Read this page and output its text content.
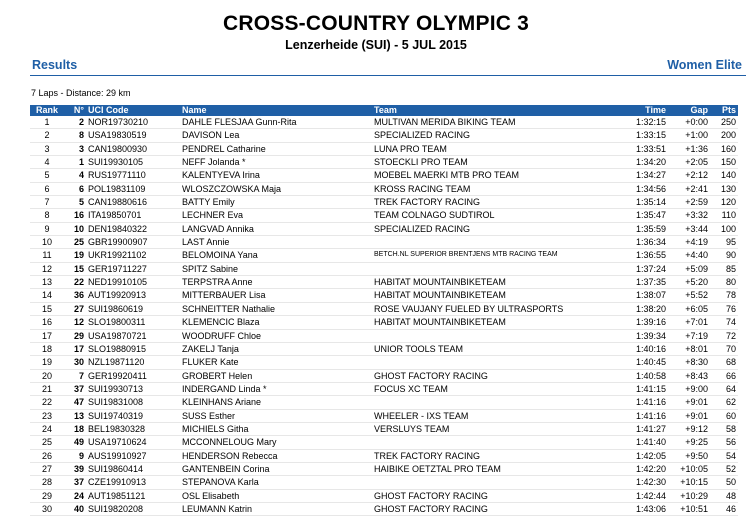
CROSS-COUNTRY OLYMPIC 3
Lenzerheide (SUI) - 5 JUL 2015
Results	Women Elite
7 Laps - Distance: 29 km
Rank	N°	UCI Code	Name	Team	Time	Gap	Pts
1	2	NOR19730210	DAHLE FLESJAA Gunn-Rita	MULTIVAN MERIDA BIKING TEAM	1:32:15	+0:00	250
2	8	USA19830519	DAVISON Lea	SPECIALIZED RACING	1:33:15	+1:00	200
3	3	CAN19800930	PENDREL Catharine	LUNA PRO TEAM	1:33:51	+1:36	160
4	1	SUI19930105	NEFF Jolanda *	STOECKLI PRO TEAM	1:34:20	+2:05	150
5	4	RUS19771110	KALENTYEVA Irina	MOEBEL MAERKI MTB PRO TEAM	1:34:27	+2:12	140
6	6	POL19831109	WLOSZCZOWSKA Maja	KROSS RACING TEAM	1:34:56	+2:41	130
7	5	CAN19880616	BATTY Emily	TREK FACTORY RACING	1:35:14	+2:59	120
8	16	ITA19850701	LECHNER Eva	TEAM COLNAGO SUDTIROL	1:35:47	+3:32	110
9	10	DEN19840322	LANGVAD Annika	SPECIALIZED RACING	1:35:59	+3:44	100
10	25	GBR19900907	LAST Annie		1:36:34	+4:19	95
11	19	UKR19921102	BELOMOINA Yana	BETCH.NL SUPERIOR BRENTJENS MTB RACING TEAM	1:36:55	+4:40	90
12	15	GER19711227	SPITZ Sabine		1:37:24	+5:09	85
13	22	NED19910105	TERPSTRA Anne	HABITAT MOUNTAINBIKETEAM	1:37:35	+5:20	80
14	36	AUT19920913	MITTERBAUER Lisa	HABITAT MOUNTAINBIKETEAM	1:38:07	+5:52	78
15	27	SUI19860619	SCHNEITTER Nathalie	ROSE VAUJANY FUELED BY ULTRASPORTS	1:38:20	+6:05	76
16	12	SLO19800311	KLEMENCIC Blaza	HABITAT MOUNTAINBIKETEAM	1:39:16	+7:01	74
17	29	USA19870721	WOODRUFF Chloe		1:39:34	+7:19	72
18	17	SLO19880915	ZAKELJ Tanja	UNIOR TOOLS TEAM	1:40:16	+8:01	70
19	30	NZL19871120	FLUKER Kate		1:40:45	+8:30	68
20	7	GER19920411	GROBERT Helen	GHOST FACTORY RACING	1:40:58	+8:43	66
21	37	SUI19930713	INDERGAND Linda *	FOCUS XC TEAM	1:41:15	+9:00	64
22	47	SUI19831008	KLEINHANS Ariane		1:41:16	+9:01	62
23	13	SUI19740319	SUSS Esther	WHEELER - IXS TEAM	1:41:16	+9:01	60
24	18	BEL19830328	MICHIELS Githa	VERSLUYS TEAM	1:41:27	+9:12	58
25	49	USA19710624	MCCONNELOUG Mary		1:41:40	+9:25	56
26	9	AUS19910927	HENDERSON Rebecca	TREK FACTORY RACING	1:42:05	+9:50	54
27	39	SUI19860414	GANTENBEIN Corina	HAIBIKE OETZTAL PRO TEAM	1:42:20	+10:05	52
28	37	CZE19910913	STEPANOVA Karla		1:42:30	+10:15	50
29	24	AUT19851121	OSL Elisabeth	GHOST FACTORY RACING	1:42:44	+10:29	48
30	40	SUI19820208	LEUMANN Katrin	GHOST FACTORY RACING	1:43:06	+10:51	46
